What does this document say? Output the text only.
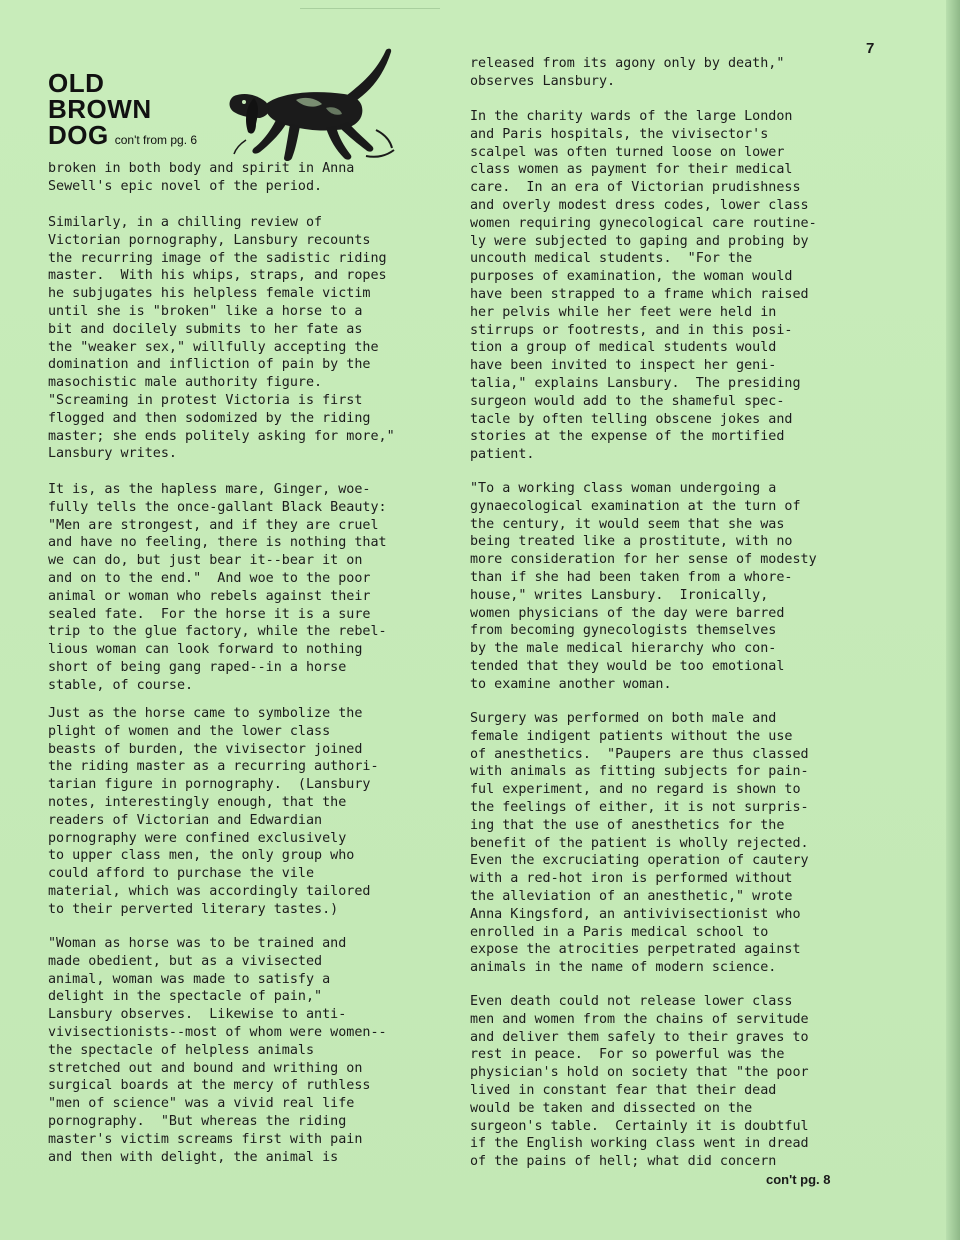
7
OLD
BROWN
DOG con't from pg. 6

broken in both body and spirit in Anna
Sewell's epic novel of the period.

Similarly, in a chilling review of
Victorian pornography, Lansbury recounts
the recurring image of the sadistic riding
master.  With his whips, straps, and ropes
he subjugates his helpless female victim
until she is "broken" like a horse to a
bit and docilely submits to her fate as
the "weaker sex," willfully accepting the
domination and infliction of pain by the
masochistic male authority figure.
"Screaming in protest Victoria is first
flogged and then sodomized by the riding
master; she ends politely asking for more,"
Lansbury writes.

It is, as the hapless mare, Ginger, woe-
fully tells the once-gallant Black Beauty:
"Men are strongest, and if they are cruel
and have no feeling, there is nothing that
we can do, but just bear it--bear it on
and on to the end."  And woe to the poor
animal or woman who rebels against their
sealed fate.  For the horse it is a sure
trip to the glue factory, while the rebel-
lious woman can look forward to nothing
short of being gang raped--in a horse
stable, of course.

Just as the horse came to symbolize the
plight of women and the lower class
beasts of burden, the vivisector joined
the riding master as a recurring authori-
tarian figure in pornography.  (Lansbury
notes, interestingly enough, that the
readers of Victorian and Edwardian
pornography were confined exclusively
to upper class men, the only group who
could afford to purchase the vile
material, which was accordingly tailored
to their perverted literary tastes.)

"Woman as horse was to be trained and
made obedient, but as a vivisected
animal, woman was made to satisfy a
delight in the spectacle of pain,"
Lansbury observes.  Likewise to anti-
vivisectionists--most of whom were women--
the spectacle of helpless animals
stretched out and bound and writhing on
surgical boards at the mercy of ruthless
"men of science" was a vivid real life
pornography.  "But whereas the riding
master's victim screams first with pain
and then with delight, the animal is

released from its agony only by death,"
observes Lansbury.

In the charity wards of the large London
and Paris hospitals, the vivisector's
scalpel was often turned loose on lower
class women as payment for their medical
care.  In an era of Victorian prudishness
and overly modest dress codes, lower class
women requiring gynecological care routine-
ly were subjected to gaping and probing by
uncouth medical students.  "For the
purposes of examination, the woman would
have been strapped to a frame which raised
her pelvis while her feet were held in
stirrups or footrests, and in this posi-
tion a group of medical students would
have been invited to inspect her geni-
talia," explains Lansbury.  The presiding
surgeon would add to the shameful spec-
tacle by often telling obscene jokes and
stories at the expense of the mortified
patient.

"To a working class woman undergoing a
gynaecological examination at the turn of
the century, it would seem that she was
being treated like a prostitute, with no
more consideration for her sense of modesty
than if she had been taken from a whore-
house," writes Lansbury.  Ironically,
women physicians of the day were barred
from becoming gynecologists themselves
by the male medical hierarchy who con-
tended that they would be too emotional
to examine another woman.

Surgery was performed on both male and
female indigent patients without the use
of anesthetics.  "Paupers are thus classed
with animals as fitting subjects for pain-
ful experiment, and no regard is shown to
the feelings of either, it is not surpris-
ing that the use of anesthetics for the
benefit of the patient is wholly rejected.
Even the excruciating operation of cautery
with a red-hot iron is performed without
the alleviation of an anesthetic," wrote
Anna Kingsford, an antivivisectionist who
enrolled in a Paris medical school to
expose the atrocities perpetrated against
animals in the name of modern science.

Even death could not release lower class
men and women from the chains of servitude
and deliver them safely to their graves to
rest in peace.  For so powerful was the
physician's hold on society that "the poor
lived in constant fear that their dead
would be taken and dissected on the
surgeon's table.  Certainly it is doubtful
if the English working class went in dread
of the pains of hell; what did concern

con't pg. 8
